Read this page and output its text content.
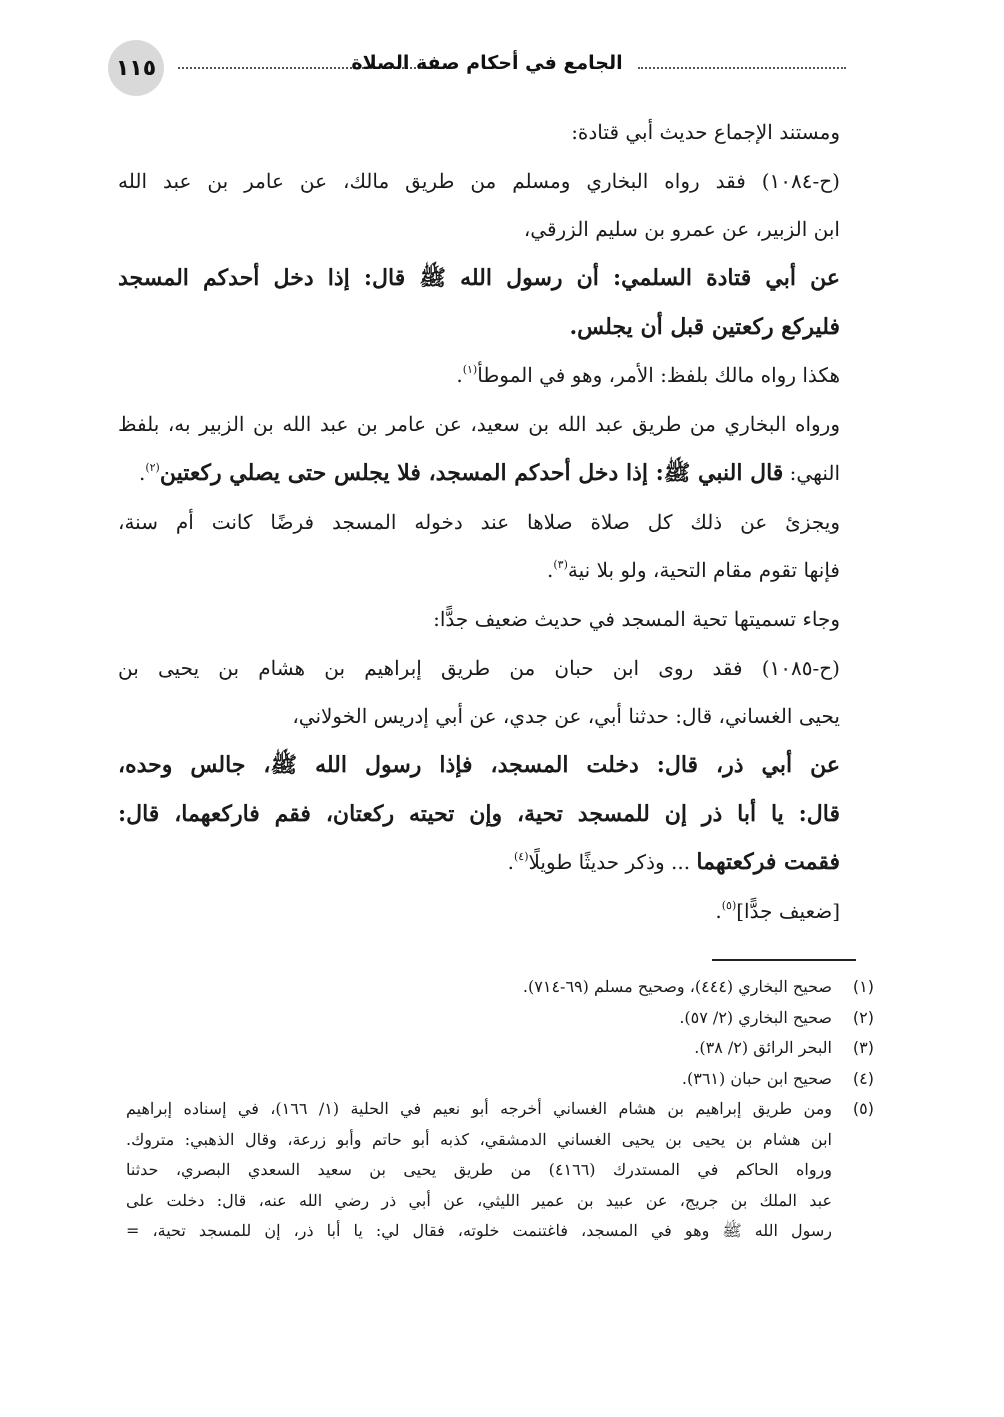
١١٥	الجامع في أحكام صفة الصلاة
ومستند الإجماع حديث أبي قتادة:
(ح-١٠٨٤) فقد رواه البخاري ومسلم من طريق مالك، عن عامر بن عبد الله
ابن الزبير، عن عمرو بن سليم الزرقي،
عن أبي قتادة السلمي: أن رسول الله ﷺ قال: إذا دخل أحدكم المسجد
فليركع ركعتين قبل أن يجلس.
هكذا رواه مالك بلفظ: الأمر، وهو في الموطأ$^{(١)}$.
ورواه البخاري من طريق عبد الله بن سعيد، عن عامر بن عبد الله بن الزبير به، بلفظ
النهي: قال النبي ﷺ: إذا دخل أحدكم المسجد، فلا يجلس حتى يصلي ركعتين$^{(٢)}$.
ويجزئ عن ذلك كل صلاة صلاها عند دخوله المسجد فرضًا كانت أم سنة،
فإنها تقوم مقام التحية، ولو بلا نية$^{(٣)}$.
وجاء تسميتها تحية المسجد في حديث ضعيف جدًّا:
(ح-١٠٨٥) فقد روى ابن حبان من طريق إبراهيم بن هشام بن يحيى بن
يحيى الغساني، قال: حدثنا أبي، عن جدي، عن أبي إدريس الخولاني،
عن أبي ذر، قال: دخلت المسجد، فإذا رسول الله ﷺ، جالس وحده،
قال: يا أبا ذر إن للمسجد تحية، وإن تحيته ركعتان، فقم فاركعهما، قال:
فقمت فركعتهما ... وذكر حديثًا طويلًا$^{(٤)}$.
[ضعيف جدًّا]$^{(٥)}$.
(١)
صحيح البخاري (٤٤٤)، وصحيح مسلم (٦٩-٧١٤).
(٢)
صحيح البخاري (٢/ ٥٧).
(٣)
البحر الرائق (٢/ ٣٨).
(٤)
صحيح ابن حبان (٣٦١).
(٥)
ومن طريق إبراهيم بن هشام الغساني أخرجه أبو نعيم في الحلية (١/ ١٦٦)، في إسناده إبراهيم
ابن هشام بن يحيى بن يحيى الغساني الدمشقي، كذبه أبو حاتم وأبو زرعة، وقال الذهبي: متروك.
ورواه الحاكم في المستدرك (٤١٦٦) من طريق يحيى بن سعيد السعدي البصري، حدثنا
عبد الملك بن جريج، عن عبيد بن عمير الليثي، عن أبي ذر رضي الله عنه، قال: دخلت على
رسول الله ﷺ وهو في المسجد، فاغتنمت خلوته، فقال لي: يا أبا ذر، إن للمسجد تحية، =
